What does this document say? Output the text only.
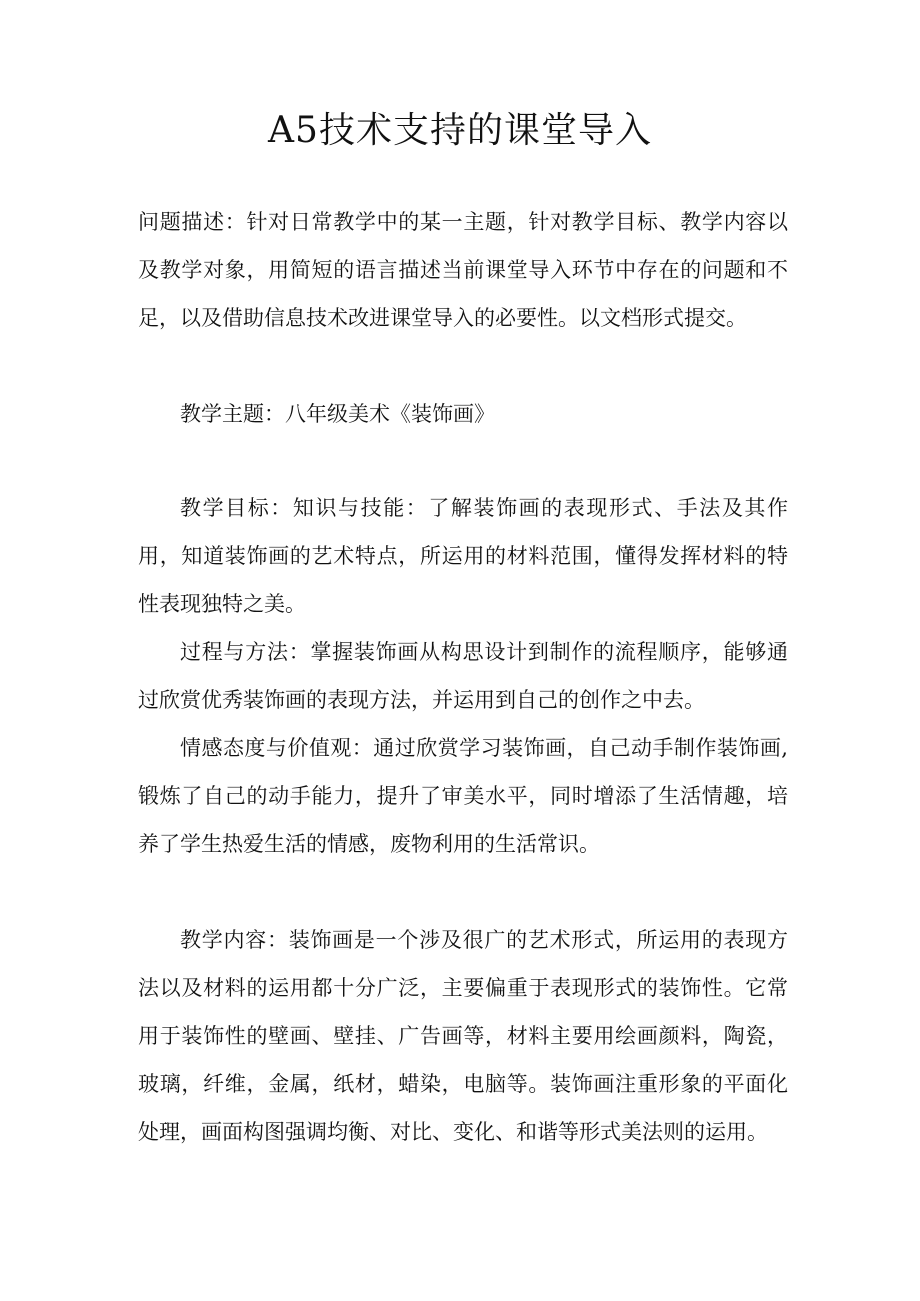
A5技术支持的课堂导入

问题描述：针对日常教学中的某一主题，针对教学目标、教学内容以及教学对象，用简短的语言描述当前课堂导入环节中存在的问题和不足，以及借助信息技术改进课堂导入的必要性。以文档形式提交。

教学主题：八年级美术《装饰画》

教学目标：知识与技能：了解装饰画的表现形式、手法及其作用，知道装饰画的艺术特点，所运用的材料范围，懂得发挥材料的特性表现独特之美。

过程与方法：掌握装饰画从构思设计到制作的流程顺序，能够通过欣赏优秀装饰画的表现方法，并运用到自己的创作之中去。

情感态度与价值观：通过欣赏学习装饰画，自己动手制作装饰画,锻炼了自己的动手能力，提升了审美水平，同时增添了生活情趣，培养了学生热爱生活的情感，废物利用的生活常识。

教学内容：装饰画是一个涉及很广的艺术形式，所运用的表现方法以及材料的运用都十分广泛，主要偏重于表现形式的装饰性。它常用于装饰性的壁画、壁挂、广告画等，材料主要用绘画颜料，陶瓷，玻璃，纤维，金属，纸材，蜡染，电脑等。装饰画注重形象的平面化处理，画面构图强调均衡、对比、变化、和谐等形式美法则的运用。
